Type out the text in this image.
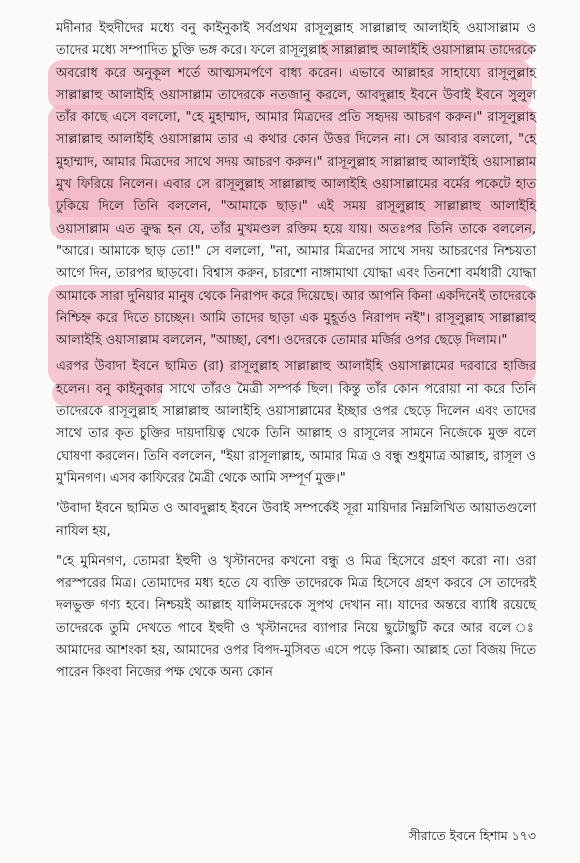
মদীনার ইহুদীদের মধ্যে বনু কাইনুকাই সর্বপ্রথম রাসূলুল্লাহ সাল্লাল্লাহু আলাইহি ওয়াসাল্লাম ও তাদের মধ্যে সম্পাদিত চুক্তি ভঙ্গ করে। ফলে রাসূলুল্লাহ সাল্লাল্লাহু আলাইহি ওয়াসাল্লাম তাদেরকে অবরোধ করে অনুকূল শর্তে আত্মসমর্পণে বাধ্য করেন। এভাবে আল্লাহর সাহায্যে রাসূলুল্লাহ সাল্লাল্লাহু আলাইহি ওয়াসাল্লাম তাদেরকে নতজানু করলে, আবদুল্লাহ ইবনে উবাই ইবনে সুলুল তাঁর কাছে এসে বললো, "হে মুহাম্মাদ, আমার মিত্রদের প্রতি সহৃদয় আচরণ করুন।" রাসূলুল্লাহ সাল্লাল্লাহু আলাইহি ওয়াসাল্লাম তার এ কথার কোন উত্তর দিলেন না। সে আবার বললো, "হে মুহাম্মাদ, আমার মিত্রদের সাথে সদয় আচরণ করুন।" রাসূলুল্লাহ সাল্লাল্লাহু আলাইহি ওয়াসাল্লাম মুখ ফিরিয়ে নিলেন। এবার সে রাসূলুল্লাহ সাল্লাল্লাহু আলাইহি ওয়াসাল্লামের বর্মের পকেটে হাত ঢুকিয়ে দিলে তিনি বললেন, "আমাকে ছাড়।" এই সময় রাসূলুল্লাহ সাল্লাল্লাহু আলাইহি ওয়াসাল্লাম এত ক্রুদ্ধ হন যে, তাঁর মুখমণ্ডল রক্তিম হয়ে যায়। অতঃপর তিনি তাকে বললেন, "আরে। আমাকে ছাড় তো!" সে বললো, "না, আমার মিত্রদের সাথে সদয় আচরণের নিশ্চয়তা আগে দিন, তারপর ছাড়বো। বিশ্বাস করুন, চারশো নাঙ্গামাথা যোদ্ধা এবং তিনশো বর্মধারী যোদ্ধা আমাকে সারা দুনিয়ার মানুষ থেকে নিরাপদ করে দিয়েছে। আর আপনি কিনা একদিনেই তাদেরকে নিশ্চিহ্ন করে দিতে চাচ্ছেন। আমি তাদের ছাড়া এক মুহূর্তও নিরাপদ নই"। রাসূলুল্লাহ সাল্লাল্লাহু আলাইহি ওয়াসাল্লাম বললেন, "আচ্ছা, বেশ। ওদেরকে তোমার মর্জির ওপর ছেড়ে দিলাম।"

এরপর উবাদা ইবনে ছামিত (রা) রাসূলুল্লাহ সাল্লাল্লাহু আলাইহি ওয়াসাল্লামের দরবারে হাজির হলেন। বনু কাইনুকার সাথে তাঁরও মৈত্রী সম্পর্ক ছিল। কিন্তু তাঁর কোন পরোয়া না করে তিনি তাদেরকে রাসূলুল্লাহ সাল্লাল্লাহু আলাইহি ওয়াসাল্লামের ইচ্ছার ওপর ছেড়ে দিলেন এবং তাদের সাথে তার কৃত চুক্তির দায়দায়িত্ব থেকে তিনি আল্লাহ ও রাসূলের সামনে নিজেকে মুক্ত বলে ঘোষণা করলেন। তিনি বললেন, "ইয়া রাসূলাল্লাহ, আমার মিত্র ও বন্ধু শুধুমাত্র আল্লাহ, রাসূল ও মু'মিনগণ। এসব কাফিরের মৈত্রী থেকে আমি সম্পূর্ণ মুক্ত।"

'উবাদা ইবনে ছামিত ও আবদুল্লাহ ইবনে উবাই সম্পর্কেই সূরা মায়িদার নিম্নলিখিত আয়াতগুলো নাযিল হয়,

"হে মুমিনগণ, তোমরা ইহুদী ও খৃস্টানদের কখনো বন্ধু ও মিত্র হিসেবে গ্রহণ করো না। ওরা পরস্পরের মিত্র। তোমাদের মধ্য হতে যে ব্যক্তি তাদেরকে মিত্র হিসেবে গ্রহণ করবে সে তাদেরই দলভুক্ত গণ্য হবে। নিশ্চয়ই আল্লাহ যালিমদেরকে সুপথ দেখান না। যাদের অন্তরে ব্যাধি রয়েছে তাদেরকে তুমি দেখতে পাবে ইহুদী ও খৃস্টানদের ব্যাপার নিয়ে ছুটোছুটি করে আর বলে ঃ আমাদের আশংকা হয়, আমাদের ওপর বিপদ-মুসিবত এসে পড়ে কিনা। আল্লাহ তো বিজয় দিতে পারেন কিংবা নিজের পক্ষ থেকে অন্য কোন

সীরাতে ইবনে হিশাম ১৭৩
